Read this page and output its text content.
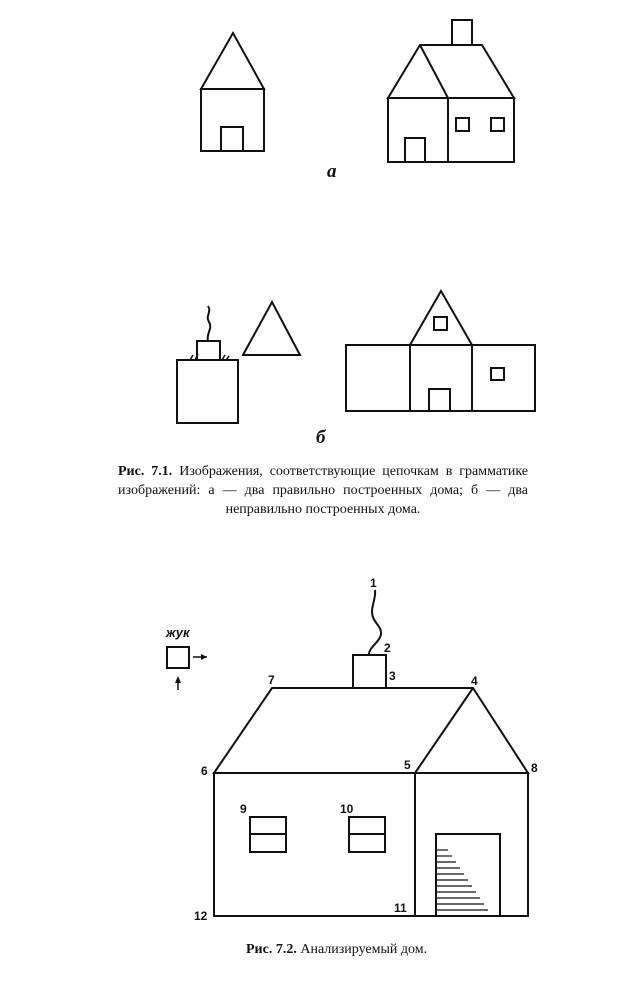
а
б
Рис. 7.1. Изображения, соответствующие цепочкам в грамматике изображений: а — два правильно построенных дома; б — два неправильно построенных дома.
жук
1
2
3	4
5
6
7
8
9	10
11
12
Рис. 7.2. Анализируемый дом.
